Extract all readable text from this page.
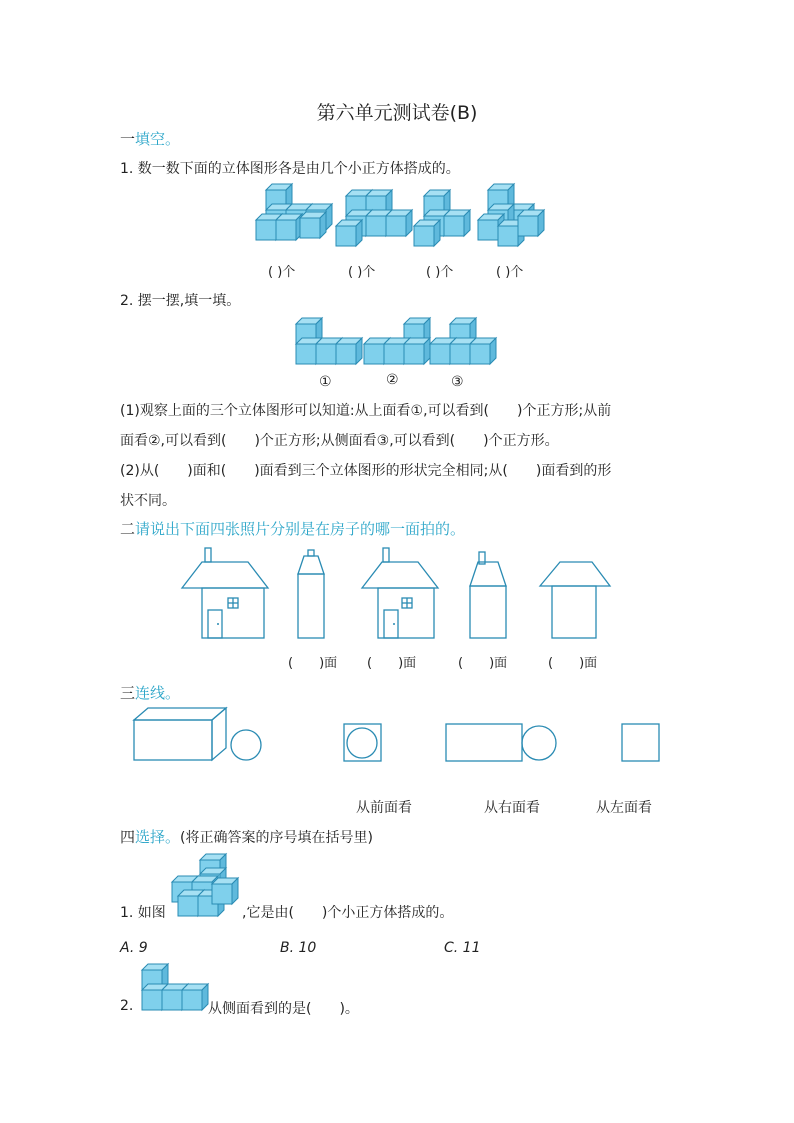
第六单元测试卷(B)
一填空。
1. 数一数下面的立体图形各是由几个小正方体搭成的。
( )个	( )个	( )个	( )个
2. 摆一摆,填一填。
①	②	③
(1)观察上面的三个立体图形可以知道:从上面看①,可以看到(　　)个正方形;从前
面看②,可以看到(　　)个正方形;从侧面看③,可以看到(　　)个正方形。
(2)从(　　)面和(　　)面看到三个立体图形的形状完全相同;从(　　)面看到的形
状不同。
二请说出下面四张照片分别是在房子的哪一面拍的。
(　　)面 (　　)面	(　　)面	(　　)面
三连线。
从前面看	从右面看	从左面看
四选择。(将正确答案的序号填在括号里)
1. 如图	,它是由(　　)个小正方体搭成的。
A. 9	B. 10	C. 11
2.	从侧面看到的是(　　)。
